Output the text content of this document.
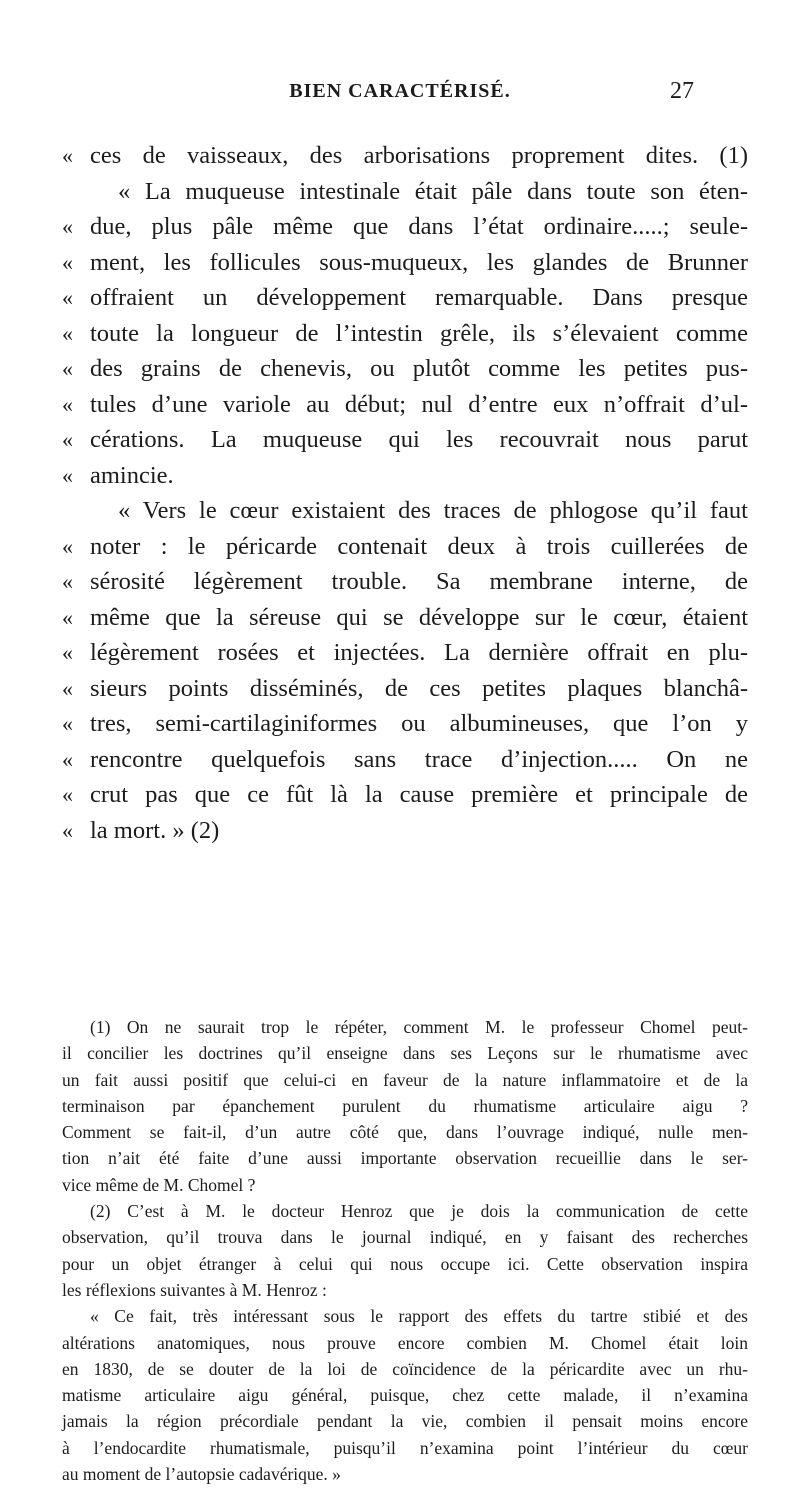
BIEN CARACTÉRISÉ.	27
« ces de vaisseaux, des arborisations proprement dites. (1)
« La muqueuse intestinale était pâle dans toute son éten-
« due, plus pâle même que dans l’état ordinaire.....; seule-
« ment, les follicules sous-muqueux, les glandes de Brunner
« offraient un développement remarquable. Dans presque
« toute la longueur de l’intestin grêle, ils s’élevaient comme
« des grains de chenevis, ou plutôt comme les petites pus-
« tules d’une variole au début; nul d’entre eux n’offrait d’ul-
« cérations. La muqueuse qui les recouvrait nous parut
« amincie.
« Vers le cœur existaient des traces de phlogose qu’il faut
« noter : le péricarde contenait deux à trois cuillerées de
« sérosité légèrement trouble. Sa membrane interne, de
« même que la séreuse qui se développe sur le cœur, étaient
« légèrement rosées et injectées. La dernière offrait en plu-
« sieurs points disséminés, de ces petites plaques blanchâ-
« tres, semi-cartilaginiformes ou albumineuses, que l’on y
« rencontre quelquefois sans trace d’injection..... On ne
« crut pas que ce fût là la cause première et principale de
« la mort. » (2)
(1) On ne saurait trop le répéter, comment M. le professeur Chomel peut-
il concilier les doctrines qu’il enseigne dans ses Leçons sur le rhumatisme avec
un fait aussi positif que celui-ci en faveur de la nature inflammatoire et de la
terminaison par épanchement purulent du rhumatisme articulaire aigu ?
Comment se fait-il, d’un autre côté que, dans l’ouvrage indiqué, nulle men-
tion n’ait été faite d’une aussi importante observation recueillie dans le ser-
vice même de M. Chomel ?
(2) C’est à M. le docteur Henroz que je dois la communication de cette
observation, qu’il trouva dans le journal indiqué, en y faisant des recherches
pour un objet étranger à celui qui nous occupe ici. Cette observation inspira
les réflexions suivantes à M. Henroz :
« Ce fait, très intéressant sous le rapport des effets du tartre stibié et des
altérations anatomiques, nous prouve encore combien M. Chomel était loin
en 1830, de se douter de la loi de coïncidence de la péricardite avec un rhu-
matisme articulaire aigu général, puisque, chez cette malade, il n’examina
jamais la région précordiale pendant la vie, combien il pensait moins encore
à l’endocardite rhumatismale, puisqu’il n’examina point l’intérieur du cœur
au moment de l’autopsie cadavérique. »
